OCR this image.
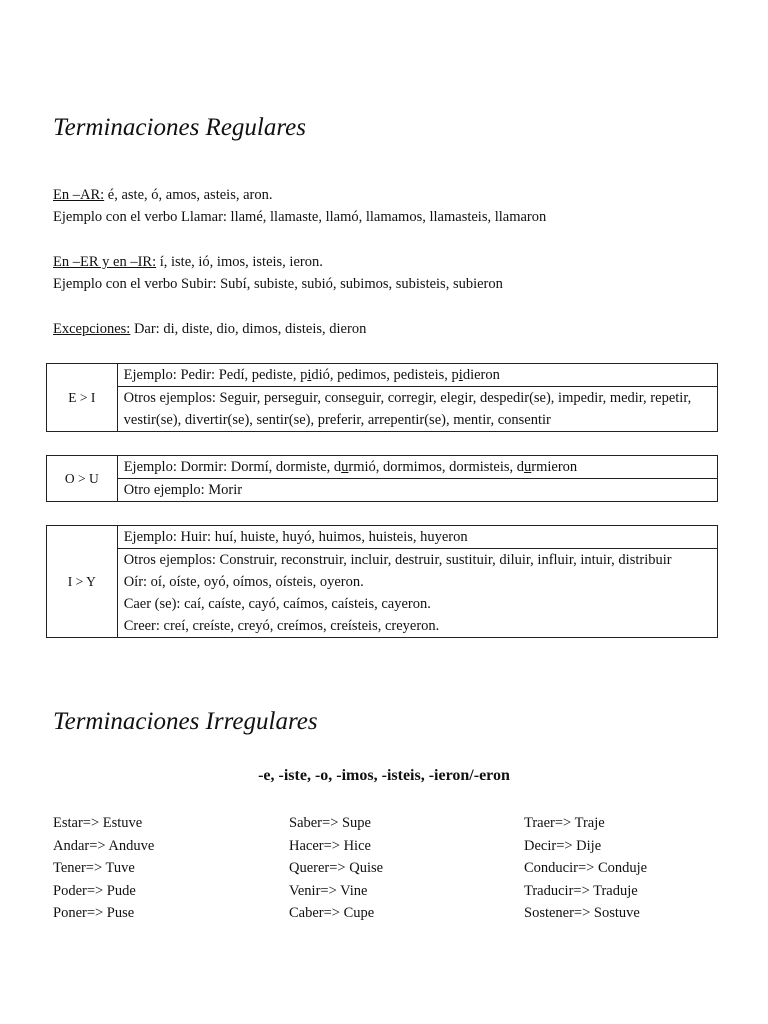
Terminaciones Regulares
En –AR: é, aste, ó, amos, asteis, aron.
Ejemplo con el verbo Llamar: llamé, llamaste, llamó, llamamos, llamasteis, llamaron
En –ER y en –IR: í, iste, ió, imos, isteis, ieron.
Ejemplo con el verbo Subir: Subí, subiste, subió, subimos, subisteis, subieron
Excepciones: Dar: di, diste, dio, dimos, disteis, dieron
E > I	Ejemplo: Pedir: Pedí, pediste, pidió, pedimos, pedisteis, pidieron
Otros ejemplos: Seguir, perseguir, conseguir, corregir, elegir, despedir(se), impedir, medir, repetir, vestir(se), divertir(se), sentir(se), preferir, arrepentir(se), mentir, consentir
O > U	Ejemplo: Dormir: Dormí, dormiste, durmió, dormimos, dormisteis, durmieron
Otro ejemplo: Morir
I > Y	Ejemplo: Huir: huí, huiste, huyó, huimos, huisteis, huyeron

Otros ejemplos: Construir, reconstruir, incluir, destruir, sustituir, diluir, influir, intuir, distribuir
Oír: oí, oíste, oyó, oímos, oísteis, oyeron.
Caer (se): caí, caíste, cayó, caímos, caísteis, cayeron.
Creer: creí, creíste, creyó, creímos, creísteis, creyeron.
Terminaciones Irregulares
-e, -iste, -o, -imos, -isteis, -ieron/-eron
Estar=> Estuve
Andar=> Anduve
Tener=> Tuve
Poder=> Pude
Poner=> Puse
Saber=> Supe
Hacer=> Hice
Querer=> Quise
Venir=> Vine
Caber=> Cupe
Traer=> Traje
Decir=> Dije
Conducir=> Conduje
Traducir=> Traduje
Sostener=> Sostuve
